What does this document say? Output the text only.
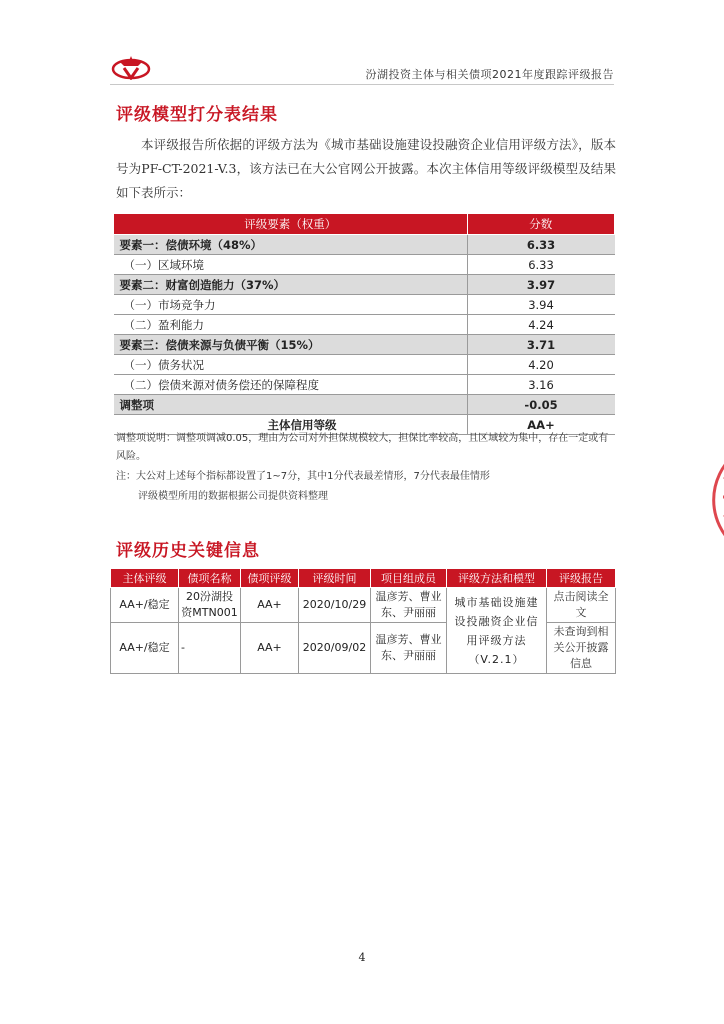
汾湖投资主体与相关债项2021年度跟踪评级报告
评级模型打分表结果
本评级报告所依据的评级方法为《城市基础设施建设投融资企业信用评级方法》，版本号为PF-CT-2021-V.3，该方法已在大公官网公开披露。本次主体信用等级评级模型及结果如下表所示：
评级要素（权重）	分数
要素一：偿债环境（48%）	6.33
（一）区域环境	6.33
要素二：财富创造能力（37%）	3.97
（一）市场竞争力	3.94
（二）盈利能力	4.24
要素三：偿债来源与负债平衡（15%）	3.71
（一）债务状况	4.20
（二）偿债来源对债务偿还的保障程度	3.16
调整项	-0.05
主体信用等级	AA+
调整项说明：调整项调减0.05，理由为公司对外担保规模较大，担保比率较高，且区域较为集中，存在一定或有风险。
注：大公对上述每个指标都设置了1~7分，其中1分代表最差情形，7分代表最佳情形
评级模型所用的数据根据公司提供资料整理
评级历史关键信息
主体评级	债项名称	债项评级	评级时间	项目组成员	评级方法和模型	评级报告
AA+/稳定	20汾湖投资MTN001	AA+	2020/10/29	温彦芳、曹业东、尹丽丽	城市基础设施建设投融资企业信用评级方法（V.2.1）	点击阅读全文
AA+/稳定	-	AA+	2020/09/02	温彦芳、曹业东、尹丽丽		未查询到相关公开披露信息
4
